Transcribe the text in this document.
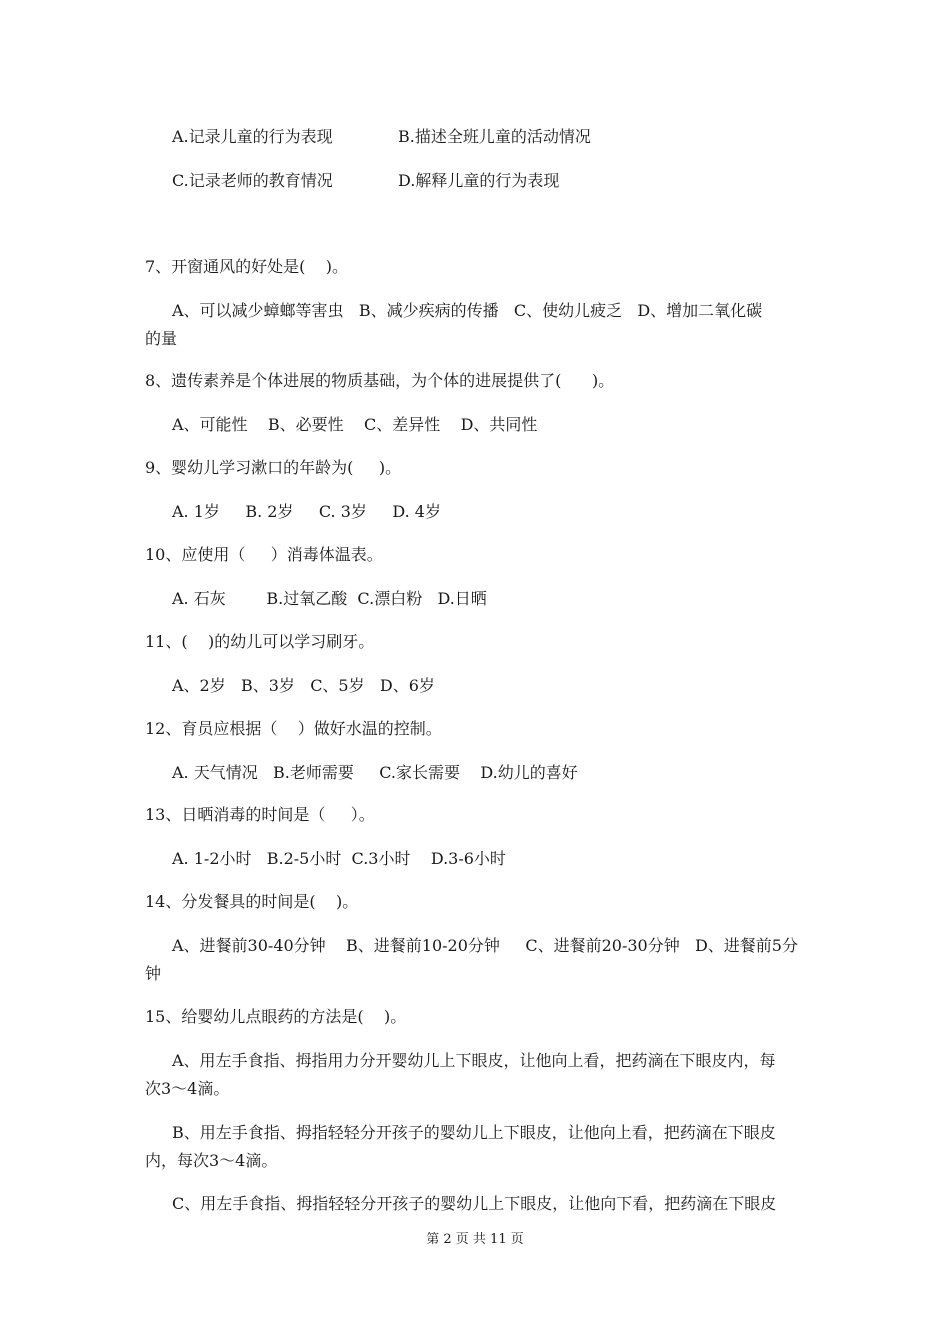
A.记录儿童的行为表现	B.描述全班儿童的活动情况
C.记录老师的教育情况	D.解释儿童的行为表现
7、开窗通风的好处是(    )。
A、可以减少蟑螂等害虫   B、减少疾病的传播   C、使幼儿疲乏   D、增加二氧化碳
的量
8、遗传素养是个体进展的物质基础，为个体的进展提供了(      )。
A、可能性    B、必要性    C、差异性    D、共同性
9、婴幼儿学习漱口的年龄为(     )。
A. 1岁     B. 2岁     C. 3岁     D. 4岁
10、应使用（     ）消毒体温表。
A. 石灰        B.过氧乙酸  C.漂白粉   D.日晒
11、(    )的幼儿可以学习刷牙。
A、2岁   B、3岁   C、5岁   D、6岁
12、育员应根据（    ）做好水温的控制。
A. 天气情况   B.老师需要     C.家长需要    D.幼儿的喜好
13、日晒消毒的时间是（     ）。
A. 1-2小时   B.2-5小时  C.3小时    D.3-6小时
14、分发餐具的时间是(    )。
A、进餐前30-40分钟    B、进餐前10-20分钟     C、进餐前20-30分钟   D、进餐前5分
钟
15、给婴幼儿点眼药的方法是(    )。
A、用左手食指、拇指用力分开婴幼儿上下眼皮，让他向上看，把药滴在下眼皮内，每
次3～4滴。
B、用左手食指、拇指轻轻分开孩子的婴幼儿上下眼皮，让他向上看，把药滴在下眼皮
内，每次3～4滴。
C、用左手食指、拇指轻轻分开孩子的婴幼儿上下眼皮，让他向下看，把药滴在下眼皮
第 2 页 共 11 页
